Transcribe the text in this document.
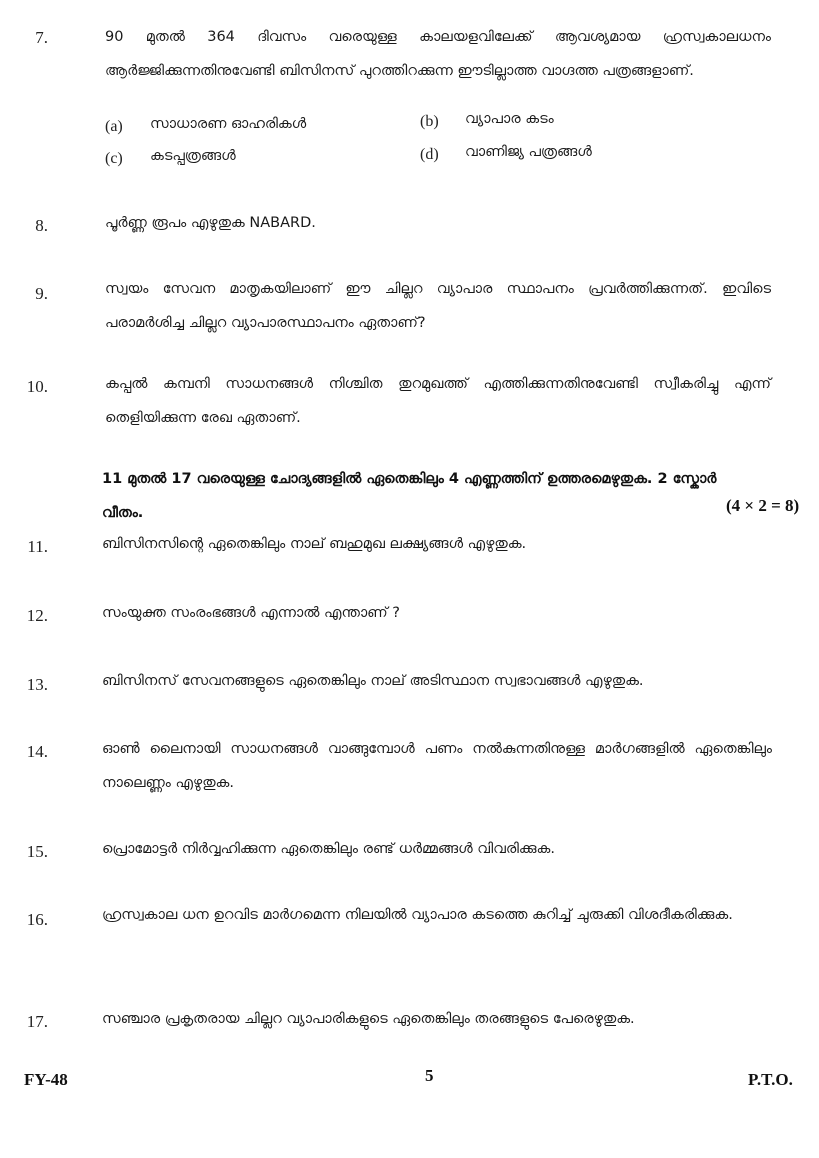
7.	90 മുതൽ 364 ദിവസം വരെയുള്ള കാലയളവിലേക്ക് ആവശ്യമായ ഹ്രസ്വകാലധനം ആർജ്ജിക്കുന്നതിനുവേണ്ടി ബിസിനസ് പുറത്തിറക്കുന്ന ഈടില്ലാത്ത വാഗ്ദത്ത പത്രങ്ങളാണ്.
(a) സാധാരണ ഓഹരികൾ	(b) വ്യാപാര കടം
(c) കടപ്പത്രങ്ങൾ	(d) വാണിജ്യ പത്രങ്ങൾ
8.	പൂർണ്ണ രൂപം എഴുതുക NABARD.
9.	സ്വയം സേവന മാതൃകയിലാണ് ഈ ചില്ലറ വ്യാപാര സ്ഥാപനം പ്രവർത്തിക്കുന്നത്. ഇവിടെ പരാമർശിച്ച ചില്ലറ വ്യാപാരസ്ഥാപനം ഏതാണ്?
10.	കപ്പൽ കമ്പനി സാധനങ്ങൾ നിശ്ചിത തുറമുഖത്ത് എത്തിക്കുന്നതിനുവേണ്ടി സ്വീകരിച്ചു എന്ന് തെളിയിക്കുന്ന രേഖ ഏതാണ്.
11 മുതൽ 17 വരെയുള്ള ചോദ്യങ്ങളിൽ ഏതെങ്കിലും 4 എണ്ണത്തിന് ഉത്തരമെഴുതുക. 2 സ്കോർ വീതം.	(4 × 2 = 8)
11.	ബിസിനസിന്റെ ഏതെങ്കിലും നാല് ബഹുമുഖ ലക്ഷ്യങ്ങൾ എഴുതുക.
12.	സംയുക്ത സംരംഭങ്ങൾ എന്നാൽ എന്താണ് ?
13.	ബിസിനസ് സേവനങ്ങളുടെ ഏതെങ്കിലും നാല് അടിസ്ഥാന സ്വഭാവങ്ങൾ എഴുതുക.
14.	ഓൺ ലൈനായി സാധനങ്ങൾ വാങ്ങുമ്പോൾ പണം നൽകുന്നതിനുള്ള മാർഗങ്ങളിൽ ഏതെങ്കിലും നാലെണ്ണം എഴുതുക.
15.	പ്രൊമോട്ടർ നിർവ്വഹിക്കുന്ന ഏതെങ്കിലും രണ്ട് ധർമ്മങ്ങൾ വിവരിക്കുക.
16.	ഹ്രസ്വകാല ധന ഉറവിട മാർഗമെന്ന നിലയിൽ വ്യാപാര കടത്തെ കുറിച്ച് ചുരുക്കി വിശദീകരിക്കുക.
17.	സഞ്ചാര പ്രകൃതരായ ചില്ലറ വ്യാപാരികളുടെ ഏതെങ്കിലും തരങ്ങളുടെ പേരെഴുതുക.
FY-48	5	P.T.O.
